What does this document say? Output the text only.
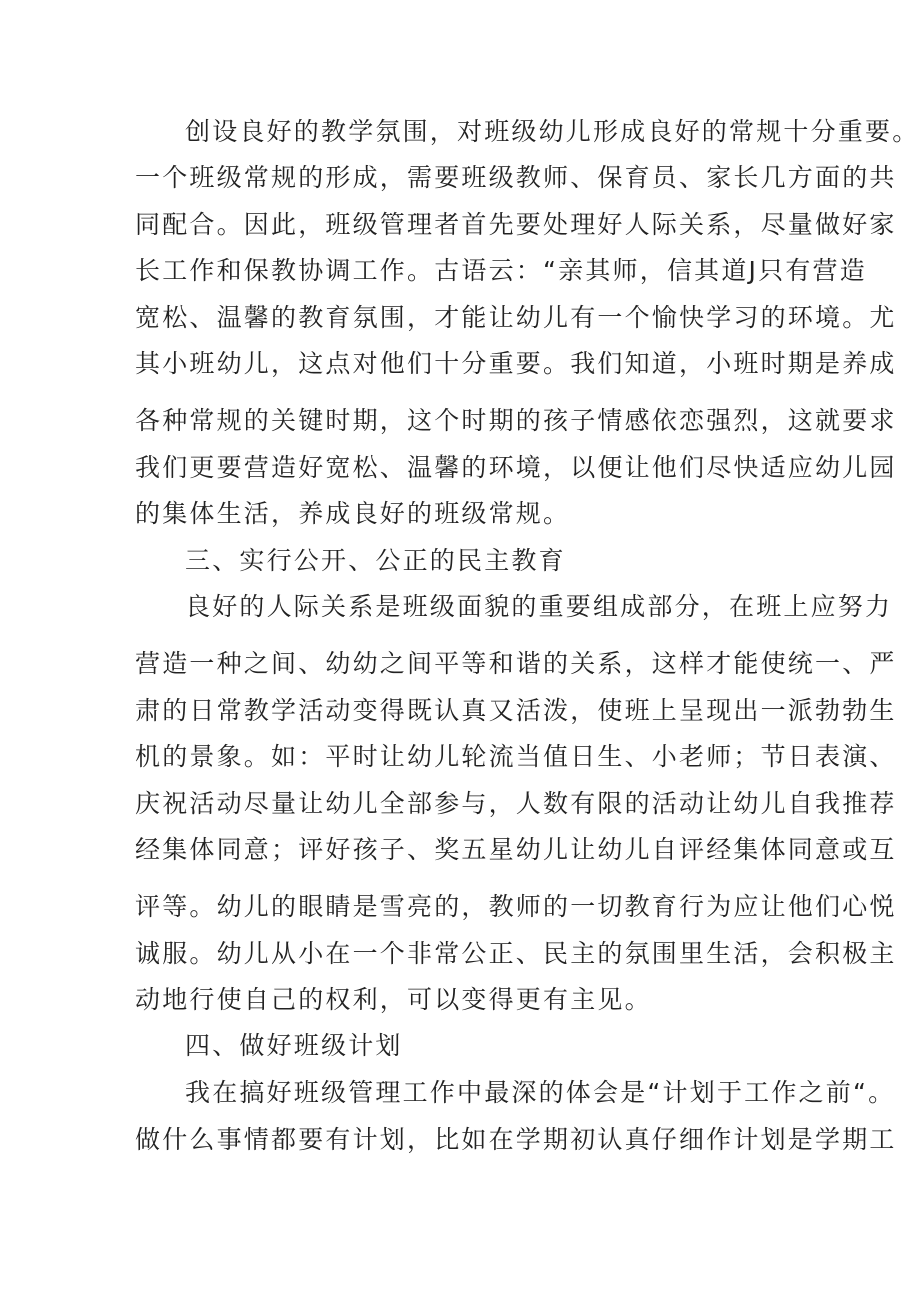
创设良好的教学氛围，对班级幼儿形成良好的常规十分重要。
一个班级常规的形成，需要班级教师、保育员、家长几方面的共
同配合。因此，班级管理者首先要处理好人际关系，尽量做好家
长工作和保教协调工作。古语云：“亲其师，信其道J只有营造
宽松、温馨的教育氛围，才能让幼儿有一个愉快学习的环境。尤
其小班幼儿，这点对他们十分重要。我们知道，小班时期是养成
各种常规的关键时期，这个时期的孩子情感依恋强烈，这就要求
我们更要营造好宽松、温馨的环境，以便让他们尽快适应幼儿园
的集体生活，养成良好的班级常规。
三、实行公开、公正的民主教育
良好的人际关系是班级面貌的重要组成部分，在班上应努力
营造一种之间、幼幼之间平等和谐的关系，这样才能使统一、严
肃的日常教学活动变得既认真又活泼，使班上呈现出一派勃勃生
机的景象。如：平时让幼儿轮流当值日生、小老师；节日表演、
庆祝活动尽量让幼儿全部参与，人数有限的活动让幼儿自我推荐
经集体同意；评好孩子、奖五星幼儿让幼儿自评经集体同意或互
评等。幼儿的眼睛是雪亮的，教师的一切教育行为应让他们心悦
诚服。幼儿从小在一个非常公正、民主的氛围里生活，会积极主
动地行使自己的权利，可以变得更有主见。
四、做好班级计划
我在搞好班级管理工作中最深的体会是“计划于工作之前“。
做什么事情都要有计划，比如在学期初认真仔细作计划是学期工
